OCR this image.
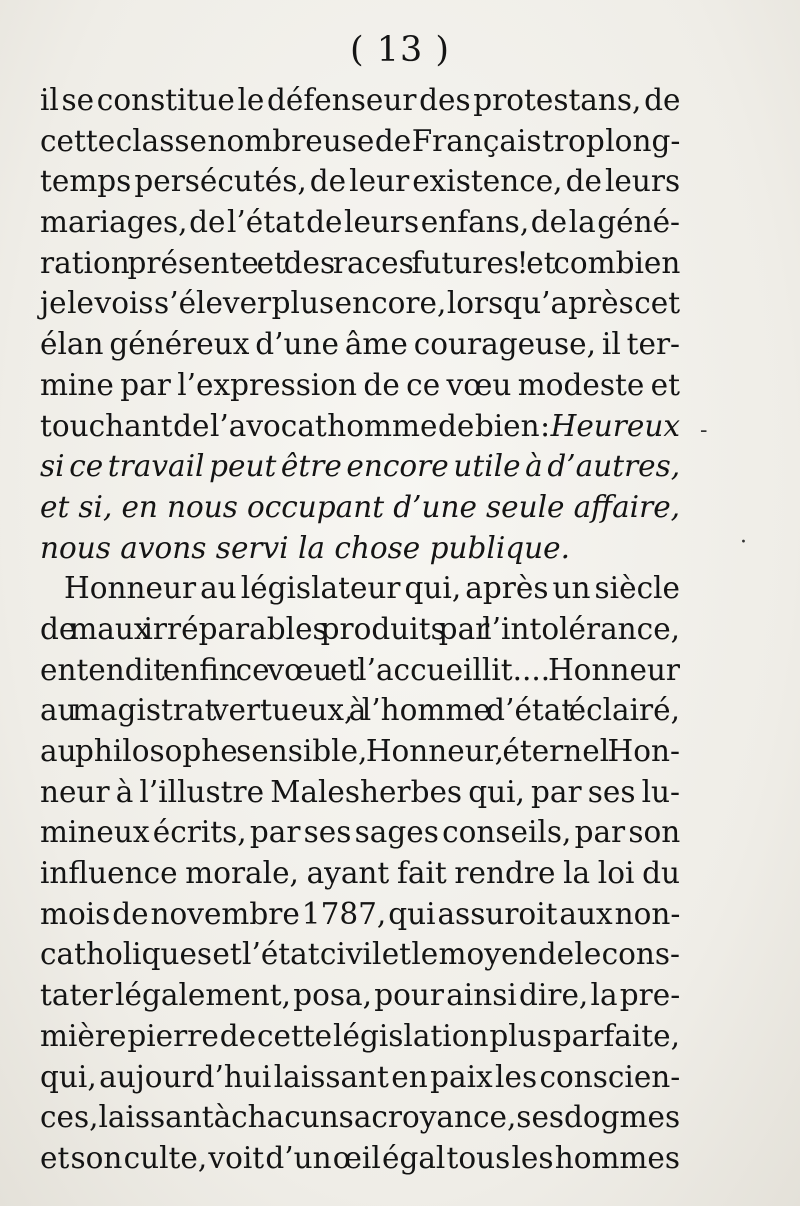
( 13 )
il se constitue le défenseur des protestans, de
cette classe nombreuse de Français trop long-
temps persécutés, de leur existence, de leurs
mariages, de l’état de leurs enfans, de la géné-
ration présente et des races futures ! et combien
je le vois s’élever plus encore, lorsqu’après cet
élan généreux d’une âme courageuse, il ter-
mine par l’expression de ce vœu modeste et
touchant de l’avocat homme de bien : Heureux
si ce travail peut être encore utile à d’autres,
et si, en nous occupant d’une seule affaire,
nous avons servi la chose publique.
Honneur au législateur qui, après un siècle
de maux irréparables produits par l’intolérance,
entendit enfin ce vœu et l’accueillit.... Honneur
au magistrat vertueux, à l’homme d’état éclairé,
au philosophe sensible, Honneur, éternel Hon-
neur à l’illustre Malesherbes qui, par ses lu-
mineux écrits, par ses sages conseils, par son
influence morale, ayant fait rendre la loi du
mois de novembre 1787, qui assuroit aux non-
catholiques et l’état civil et le moyen de le cons-
tater légalement, posa, pour ainsi dire, la pre-
mière pierre de cette législation plus parfaite,
qui, aujourd’hui laissant en paix les conscien-
ces, laissant à chacun sa croyance, ses dogmes
et son culte, voit d’un œil égal tous les hommes
-
·
